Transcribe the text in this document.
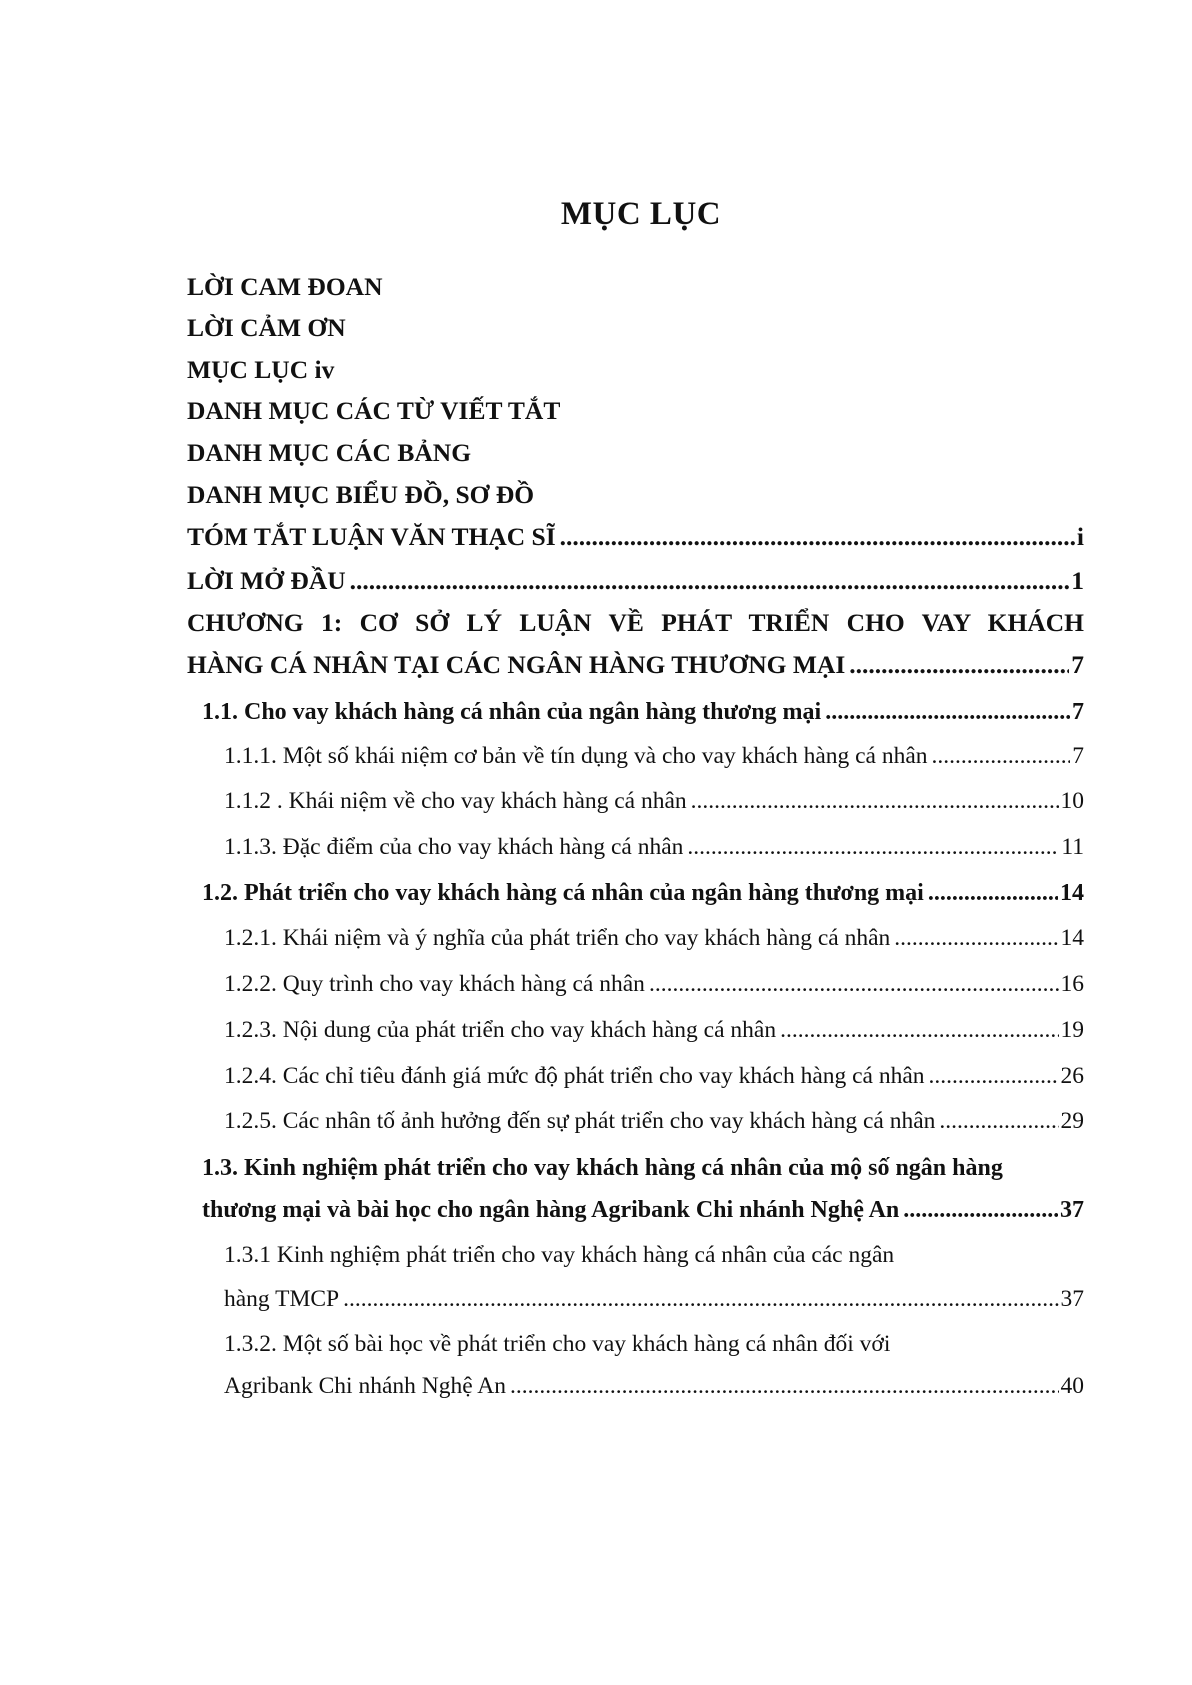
MỤC LỤC
LỜI CAM ĐOAN
LỜI CẢM ƠN
MỤC LỤC iv
DANH MỤC CÁC TỪ VIẾT TẮT
DANH MỤC CÁC BẢNG
DANH MỤC BIỂU ĐỒ, SƠ ĐỒ
TÓM TẮT LUẬN VĂN THẠC SĨ .....	i
LỜI MỞ ĐẦU .....	1
CHƯƠNG 1: CƠ SỞ LÝ LUẬN VỀ PHÁT TRIỂN CHO VAY KHÁCH
HÀNG CÁ NHÂN TẠI CÁC NGÂN HÀNG THƯƠNG MẠI .....	7
1.1. Cho vay khách hàng cá nhân của ngân hàng thương mại .....	7
1.1.1. Một số khái niệm cơ bản về tín dụng và cho vay khách hàng cá nhân .....	7
1.1.2 . Khái niệm về cho vay khách hàng cá nhân .....	10
1.1.3. Đặc điểm của cho vay khách hàng cá nhân .....	11
1.2. Phát triển cho vay khách hàng cá nhân của ngân hàng thương mại .....	14
1.2.1. Khái niệm và ý nghĩa của phát triển cho vay khách hàng cá nhân .....	14
1.2.2. Quy trình cho vay khách hàng cá nhân .....	16
1.2.3. Nội dung của phát triển cho vay khách hàng cá nhân .....	19
1.2.4. Các chỉ tiêu đánh giá mức độ phát triển cho vay khách hàng cá nhân .....	26
1.2.5. Các nhân tố ảnh hưởng đến sự phát triển cho vay khách hàng cá nhân .....	29
1.3. Kinh nghiệm phát triển cho vay khách hàng cá nhân của mộ số ngân hàng
thương mại và bài học cho ngân hàng Agribank Chi nhánh Nghệ An .....	37
1.3.1 Kinh nghiệm phát triển cho vay khách hàng cá nhân của các ngân
hàng TMCP .....	37
1.3.2. Một số bài học về phát triển cho vay khách hàng cá nhân đối với
Agribank Chi nhánh Nghệ An .....	40
